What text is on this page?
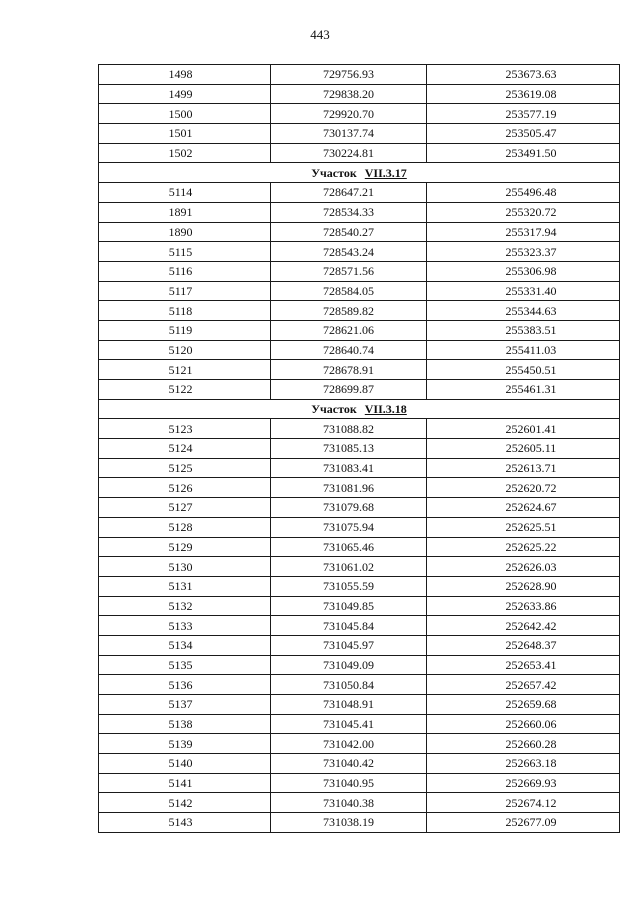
443
1498	729756.93	253673.63
1499	729838.20	253619.08
1500	729920.70	253577.19
1501	730137.74	253505.47
1502	730224.81	253491.50
Участок VII.3.17		
5114	728647.21	255496.48
1891	728534.33	255320.72
1890	728540.27	255317.94
5115	728543.24	255323.37
5116	728571.56	255306.98
5117	728584.05	255331.40
5118	728589.82	255344.63
5119	728621.06	255383.51
5120	728640.74	255411.03
5121	728678.91	255450.51
5122	728699.87	255461.31
Участок VII.3.18		
5123	731088.82	252601.41
5124	731085.13	252605.11
5125	731083.41	252613.71
5126	731081.96	252620.72
5127	731079.68	252624.67
5128	731075.94	252625.51
5129	731065.46	252625.22
5130	731061.02	252626.03
5131	731055.59	252628.90
5132	731049.85	252633.86
5133	731045.84	252642.42
5134	731045.97	252648.37
5135	731049.09	252653.41
5136	731050.84	252657.42
5137	731048.91	252659.68
5138	731045.41	252660.06
5139	731042.00	252660.28
5140	731040.42	252663.18
5141	731040.95	252669.93
5142	731040.38	252674.12
5143	731038.19	252677.09
